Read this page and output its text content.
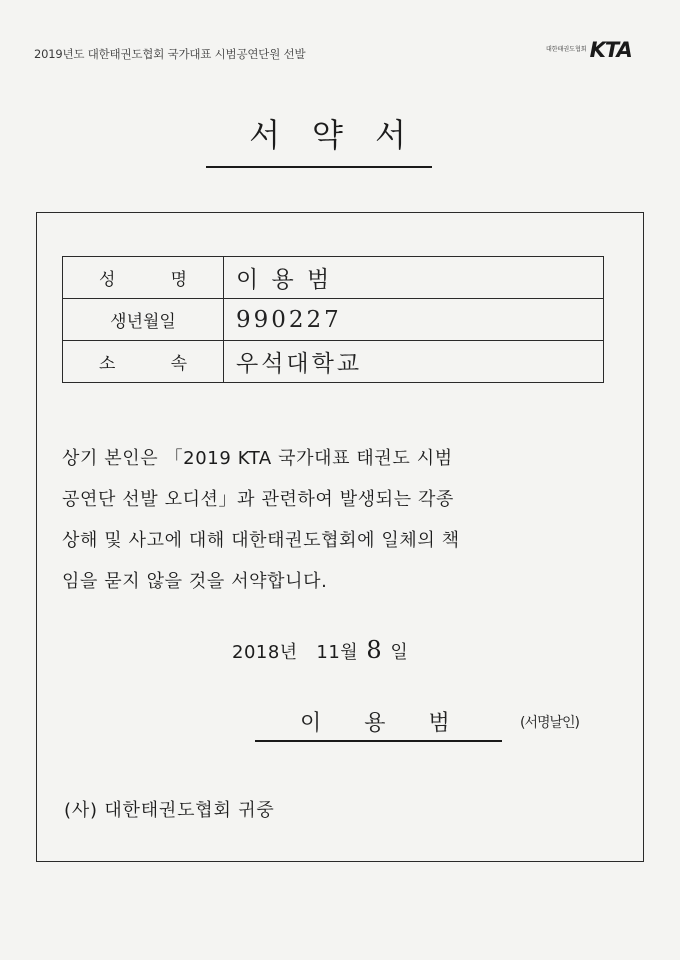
2019년도 대한태권도협회 국가대표 시범공연단원 선발	대한태권도협회 KTA
서약서
성 명	이 용 범
생년월일	990227

소 속	우석대학교
상기 본인은 「2019 KTA 국가대표 태권도 시범
공연단 선발 오디션」과 관련하여 발생되는 각종
상해 및 사고에 대해 대한태권도협회에 일체의 책
임을 묻지 않을 것을 서약합니다.
2018년 11월 8 일
이 용 범	(서명날인)
(사) 대한태권도협회 귀중
